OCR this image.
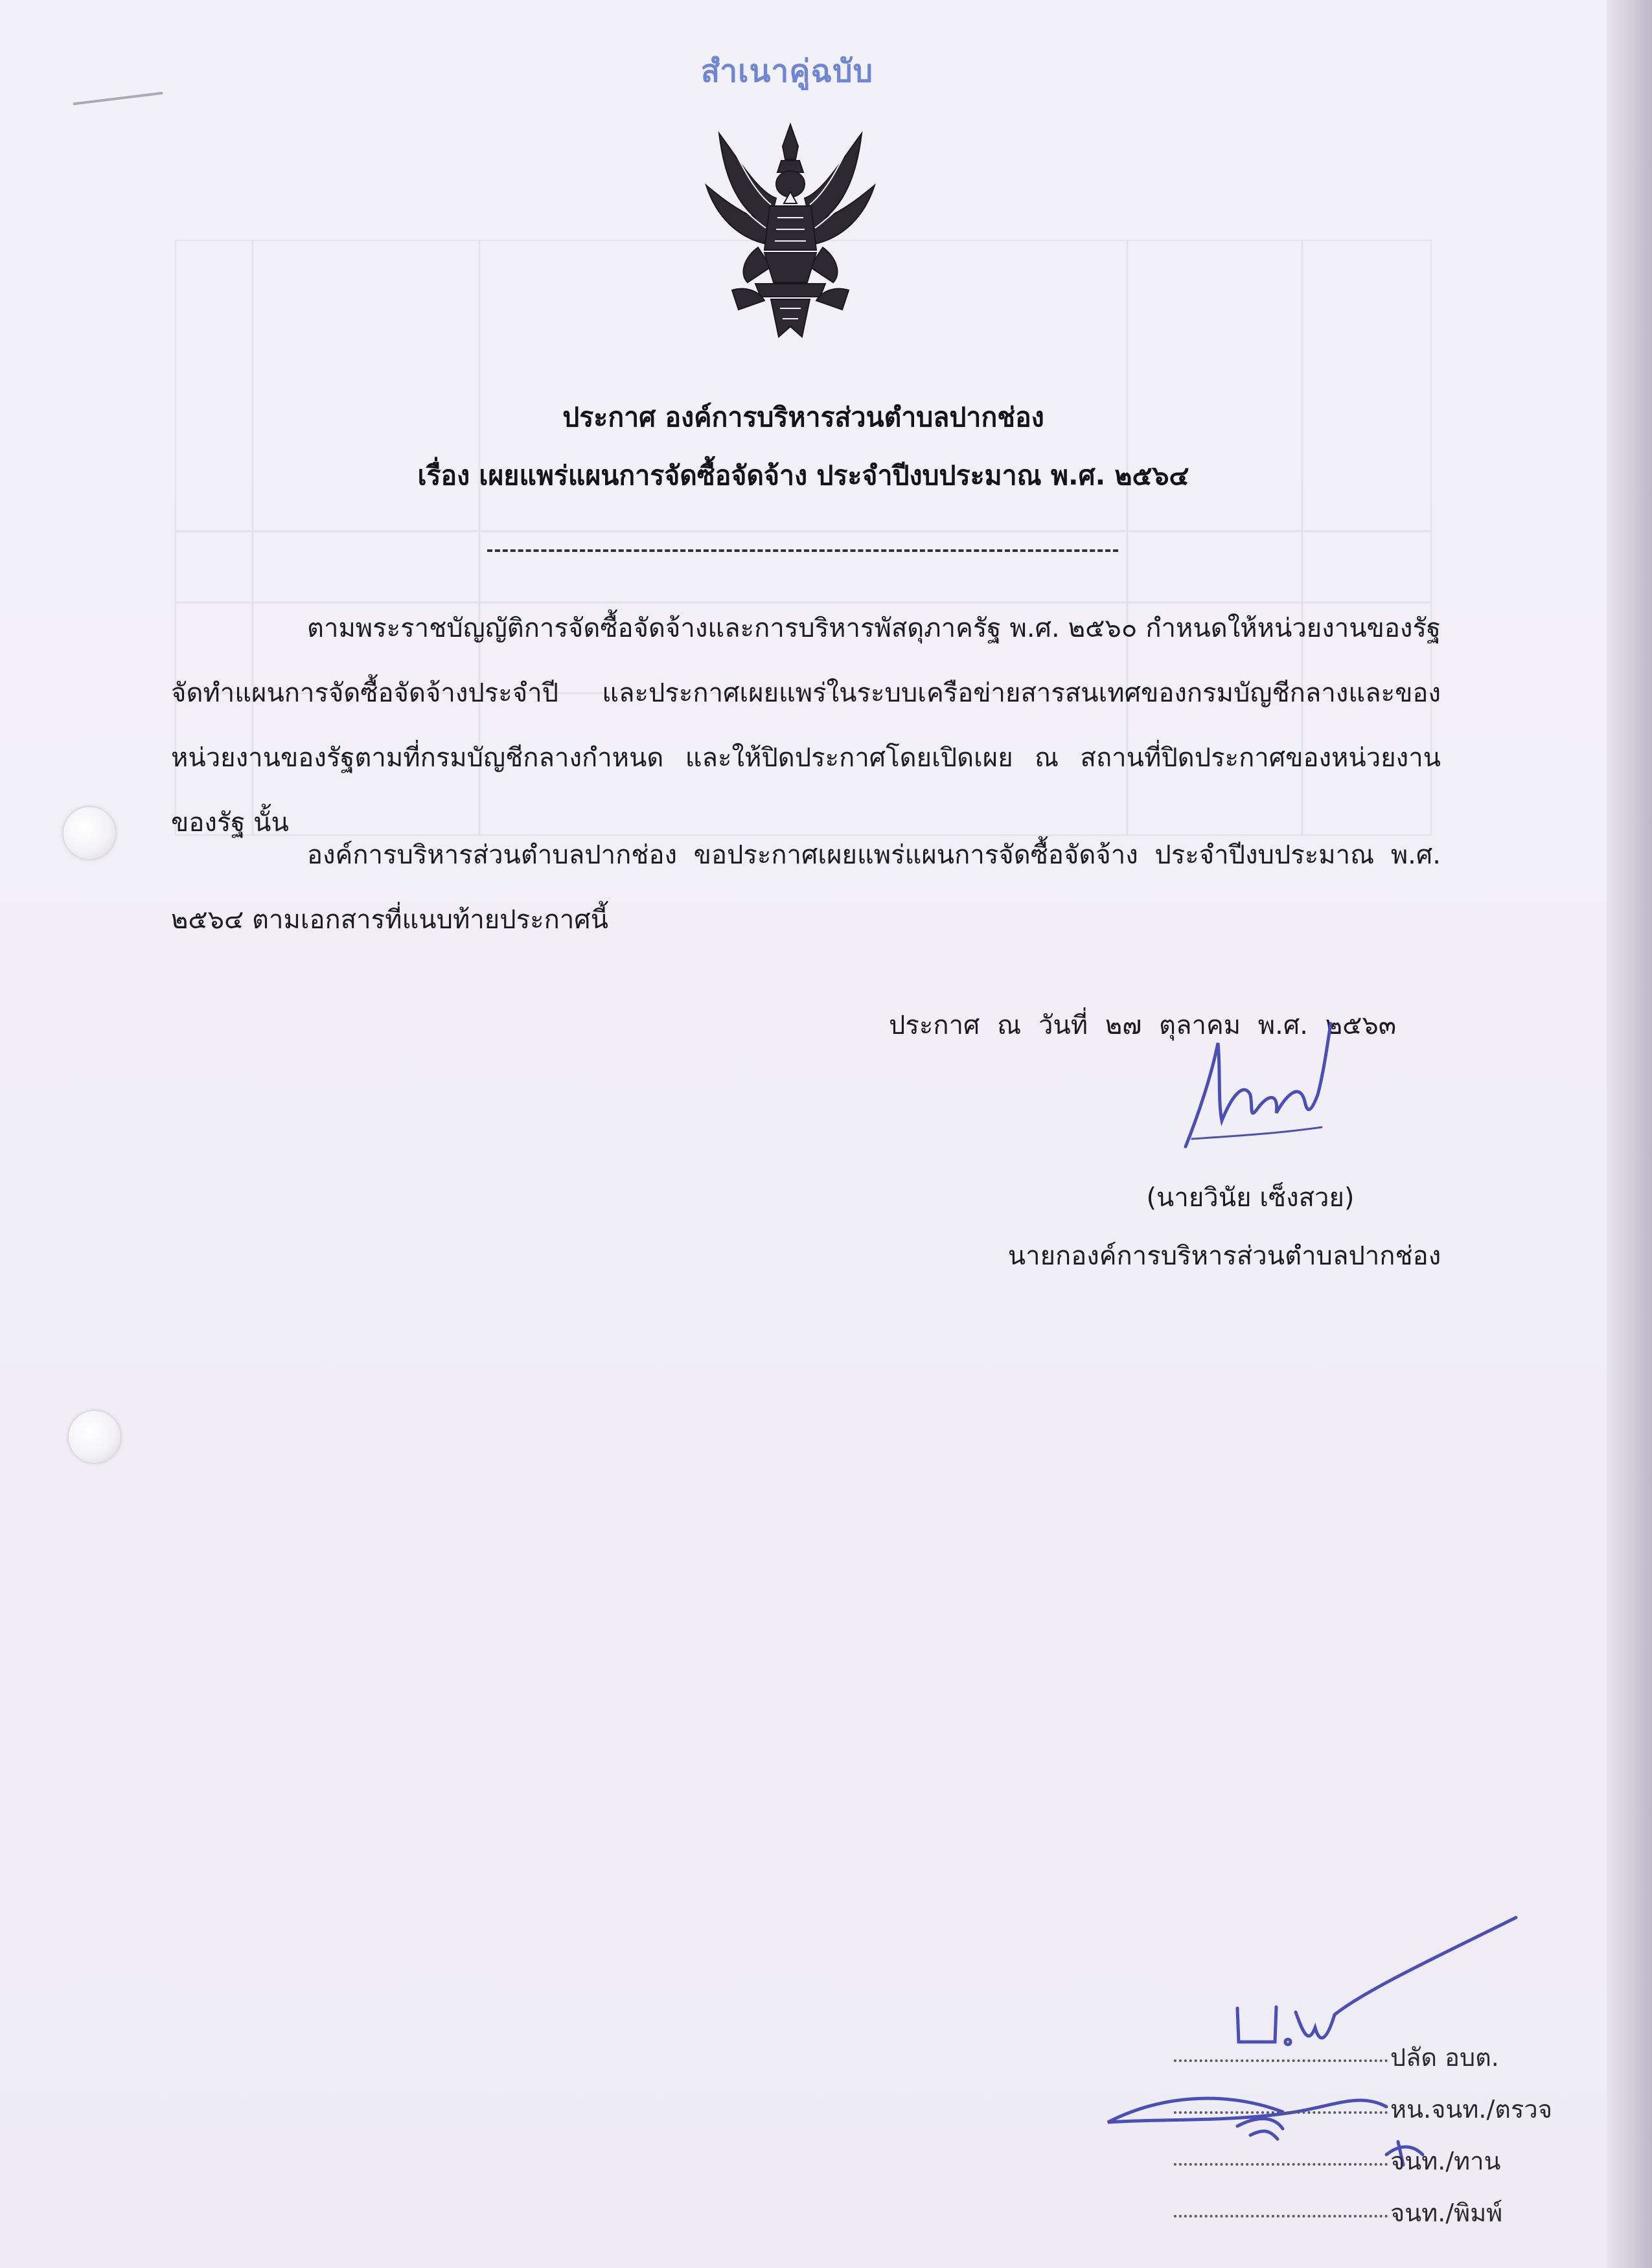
สำเนาคู่ฉบับ
ประกาศ องค์การบริหารส่วนตำบลปากช่อง
เรื่อง เผยแพร่แผนการจัดซื้อจัดจ้าง ประจำปีงบประมาณ พ.ศ. ๒๕๖๔
ตามพระราชบัญญัติการจัดซื้อจัดจ้างและการบริหารพัสดุภาครัฐ พ.ศ. ๒๕๖๐ กำหนดให้หน่วยงานของรัฐจัดทำแผนการจัดซื้อจัดจ้างประจำปี และประกาศเผยแพร่ในระบบเครือข่ายสารสนเทศของกรมบัญชีกลางและของหน่วยงานของรัฐตามที่กรมบัญชีกลางกำหนด และให้ปิดประกาศโดยเปิดเผย ณ สถานที่ปิดประกาศของหน่วยงานของรัฐ นั้น
องค์การบริหารส่วนตำบลปากช่อง ขอประกาศเผยแพร่แผนการจัดซื้อจัดจ้าง ประจำปีงบประมาณ พ.ศ. ๒๕๖๔ ตามเอกสารที่แนบท้ายประกาศนี้
ประกาศ ณ วันที่ ๒๗ ตุลาคม พ.ศ. ๒๕๖๓
(นายวินัย เซ็งสวย)
นายกองค์การบริหารส่วนตำบลปากช่อง
ปลัด อบต.
หน.จนท./ตรวจ
จนท./ทาน
จนท./พิมพ์
